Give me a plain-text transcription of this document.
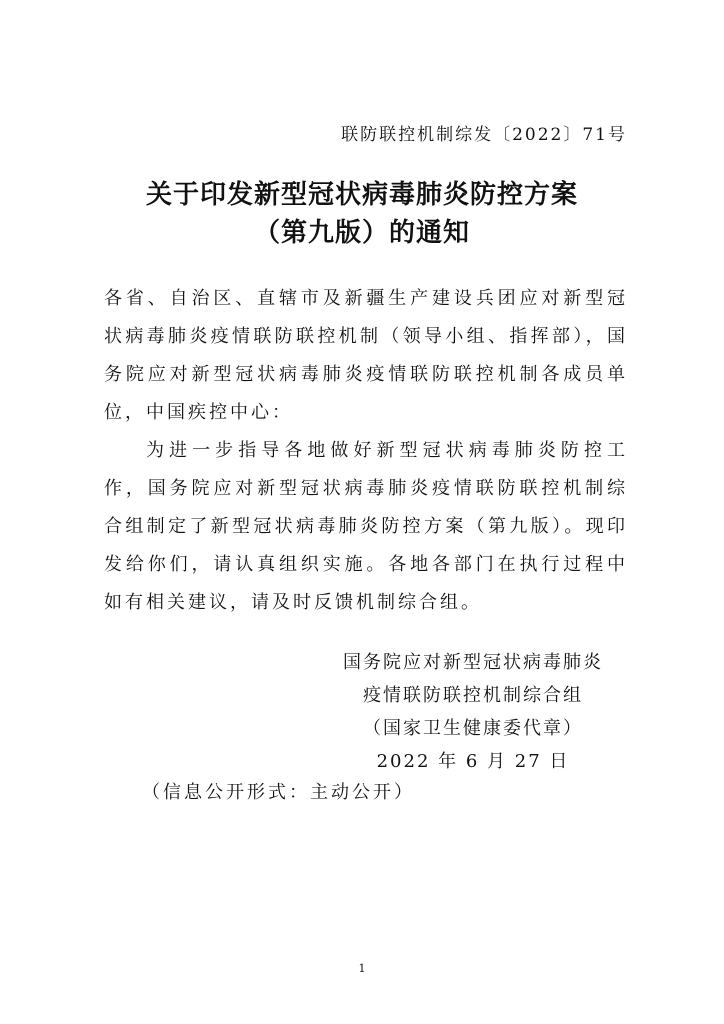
联防联控机制综发〔2022〕71号
关于印发新型冠状病毒肺炎防控方案
（第九版）的通知

各省、自治区、直辖市及新疆生产建设兵团应对新型冠状病毒肺炎疫情联防联控机制（领导小组、指挥部），国务院应对新型冠状病毒肺炎疫情联防联控机制各成员单位，中国疾控中心：

为进一步指导各地做好新型冠状病毒肺炎防控工作，国务院应对新型冠状病毒肺炎疫情联防联控机制综合组制定了新型冠状病毒肺炎防控方案（第九版）。现印发给你们，请认真组织实施。各地各部门在执行过程中如有相关建议，请及时反馈机制综合组。

国务院应对新型冠状病毒肺炎
疫情联防联控机制综合组
（国家卫生健康委代章）
2022 年 6 月 27 日
（信息公开形式：主动公开）
1
